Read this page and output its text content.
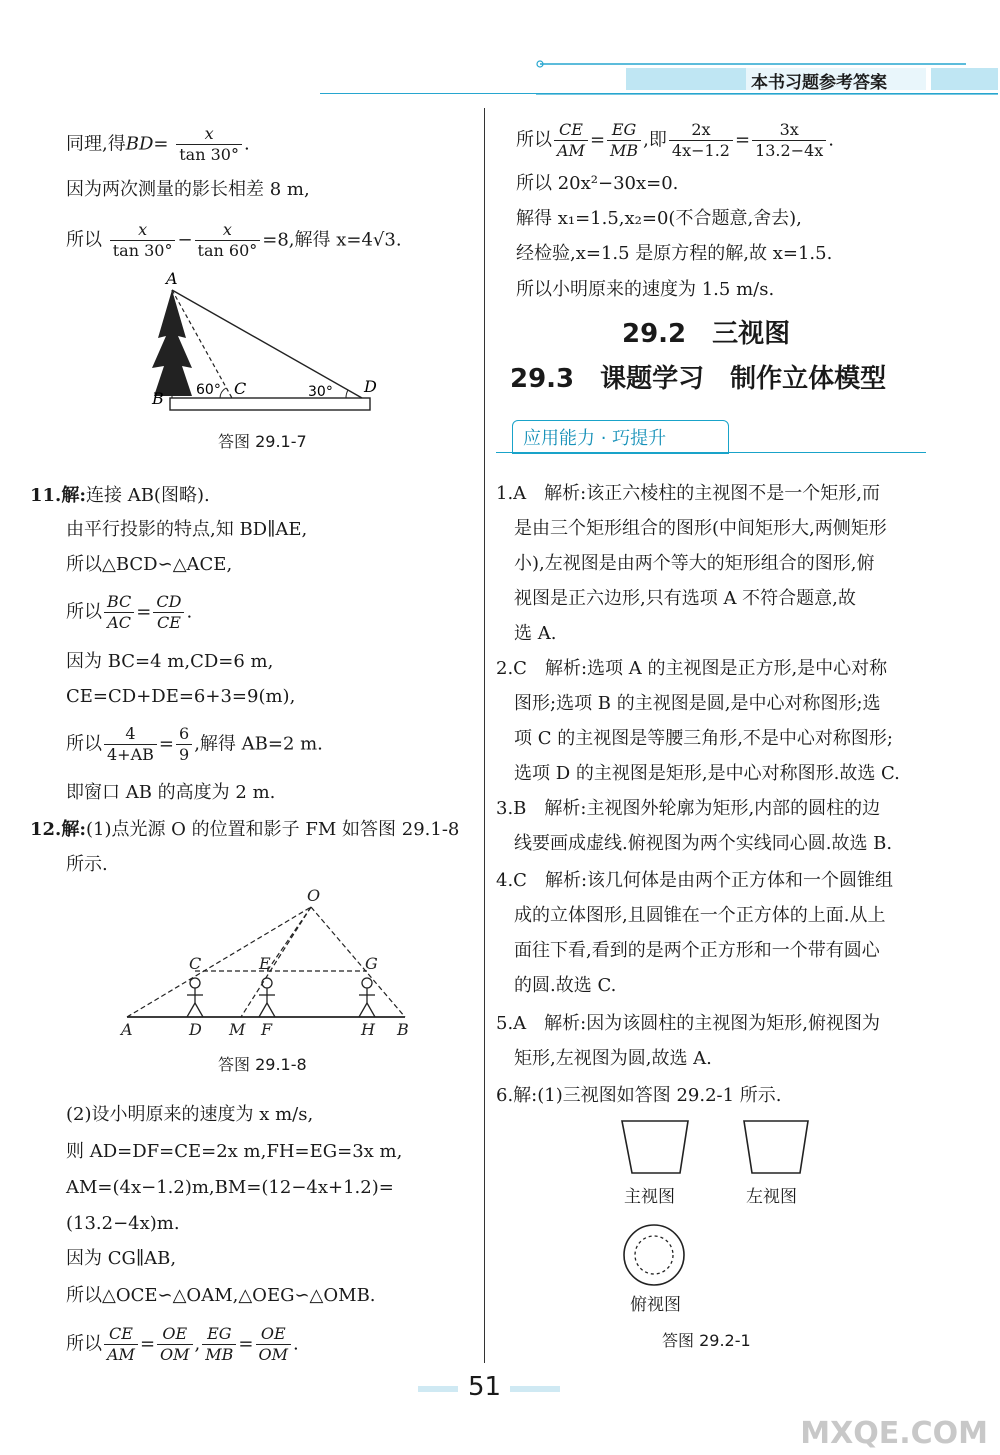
本书习题参考答案
同理,得$BD= \frac{x}{\tan 30^\circ}$ .
因为两次测量的影长相差 8 m,
所以 $\frac{x}{\tan 30^\circ} - \frac{x}{\tan 60^\circ} =8$,解得 x=4√3.
A
B
C	D
60°	30°
答图 29.1-7
11.解:连接 AB(图略).
由平行投影的特点,知 BD∥AE,
所以△BCD∽△ACE,
所以 $\frac{BC}{AC} = \frac{CD}{CE}$ .
因为 BC=4 m,CD=6 m,
CE=CD+DE=6+3=9(m),
所以 $\frac{4}{4+AB} = \frac{6}{9}$ ,解得 AB=2 m.
即窗口 AB 的高度为 2 m.
12.解:(1)点光源 O 的位置和影子 FM 如答图 29.1-8
所示.
O
C	E	G
A	D M F	H B
答图 29.1-8
(2)设小明原来的速度为 x m/s,
则 AD=DF=CE=2x m,FH=EG=3x m,
AM=(4x−1.2)m,BM=(12−4x+1.2)=
(13.2−4x)m.
因为 CG∥AB,
所以△OCE∽△OAM,△OEG∽△OMB.
所以 $\frac{CE}{AM} = \frac{OE}{OM}$ , $\frac{EG}{MB} = \frac{OE}{OM}$ .
所以 $\frac{CE}{AM} = \frac{EG}{MB}$ ,即 $\frac{2x}{4x-1.2} = \frac{3x}{13.2-4x}$ .
所以 20x²−30x=0.
解得 x₁=1.5,x₂=0(不合题意,舍去),
经检验,x=1.5 是原方程的解,故 x=1.5.
所以小明原来的速度为 1.5 m/s.
29.2　三视图
29.3　课题学习　制作立体模型
应用能力 · 巧提升
1.A　解析:该正六棱柱的主视图不是一个矩形,而
是由三个矩形组合的图形(中间矩形大,两侧矩形
小),左视图是由两个等大的矩形组合的图形,俯
视图是正六边形,只有选项 A 不符合题意,故
选 A.
2.C　解析:选项 A 的主视图是正方形,是中心对称
图形;选项 B 的主视图是圆,是中心对称图形;选
项 C 的主视图是等腰三角形,不是中心对称图形;
选项 D 的主视图是矩形,是中心对称图形.故选 C.
3.B　解析:主视图外轮廓为矩形,内部的圆柱的边
线要画成虚线.俯视图为两个实线同心圆.故选 B.
4.C　解析:该几何体是由两个正方体和一个圆锥组
成的立体图形,且圆锥在一个正方体的上面.从上
面往下看,看到的是两个正方形和一个带有圆心
的圆.故选 C.
5.A　解析:因为该圆柱的主视图为矩形,俯视图为
矩形,左视图为圆,故选 A.
6.解:(1)三视图如答图 29.2-1 所示.
主视图	左视图
俯视图
答图 29.2-1
51
MXQE.COM
